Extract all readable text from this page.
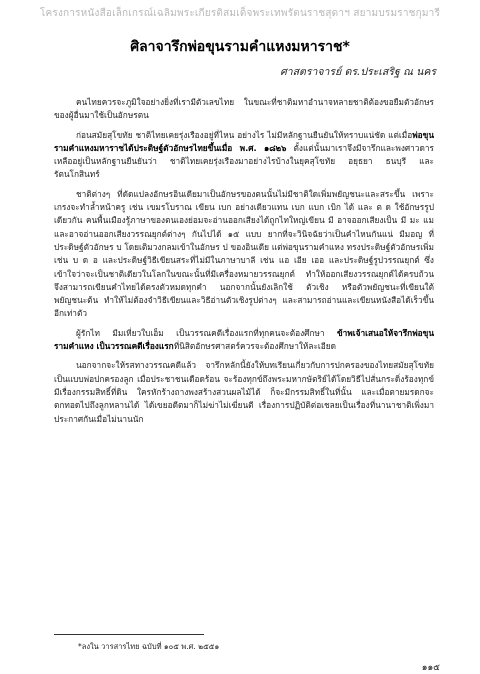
โครงการหนังสือเล็กเกรณ์เฉลิมพระเกียรติสมเด็จพระเทพรัตนราชสุดาฯ สยามบรมราชกุมารี
ศิลาจารึกพ่อขุนรามคำแหงมหาราช*
ศาสตราจารย์ ดร.ประเสริฐ ณ นคร

คนไทยควรจะภูมิใจอย่างยิ่งที่เรามีตัวเลขไทย ในขณะที่ชาติมหาอำนาจหลายชาติต้องขอยืมตัวอักษรของผู้อื่นมาใช้เป็นอักษรตน

ก่อนสมัยสุโขทัย ชาติไทยเคยรุ่งเรืองอยู่ที่ไหน อย่างไร ไม่มีหลักฐานยืนยันให้ทราบแน่ชัด แต่เมื่อพ่อขุนรามคำแหงมหาราชได้ประดิษฐ์ตัวอักษรไทยขึ้นเมื่อ พ.ศ. ๑๘๒๖ ตั้งแต่นั้นมาเราจึงมีจารึกและพงศาวดารเหลืออยู่เป็นหลักฐานยืนยันว่า ชาติไทยเคยรุ่งเรืองมาอย่างไรบ้างในยุคสุโขทัย อยุธยา ธนบุรี และรัตนโกสินทร์

ชาติต่างๆ ที่ดัดแปลงอักษรอินเดียมาเป็นอักษรของตนนั้นไม่มีชาติใดเพิ่มพยัญชนะและสระขึ้น เพราะเกรงจะทำล้ำหน้าครู เช่น เขมรโบราณ เขียน เบก อย่างเดียวแทน เบก แบก เบิก ได้ และ ต ด ใช้อักษรรูปเดียวกัน คนพื้นเมืองรู้ภาษาของตนเองย่อมจะอ่านออกเสียงได้ถูกไทใหญ่เขียน มี อาจออกเสียงเป็น มี มะ แม และอาจอ่านออกเสียงวรรณยุกต์ต่างๆ กันไปได้ ๑๕ แบบ ยากที่จะวินิจฉัยว่าเป็นคำไหนกันแน่ มีมอญ ที่ประดิษฐ์ตัวอักษร บ โดยเติมวงกลมเข้าในอักษร ป ของอินเดีย แต่พ่อขุนรามคำแหง ทรงประดิษฐ์ตัวอักษรเพิ่ม เช่น บ ด อ และประดิษฐ์วิธีเขียนสระที่ไม่มีในภาษาบาลี เช่น แอ เอีย เออ และประดิษฐ์รูปวรรณยุกต์ ซึ่งเข้าใจว่าจะเป็นชาติเดียวในโลกในขณะนั้นที่มีเครื่องหมายวรรณยุกต์ ทำให้ออกเสียงวรรณยุกต์ได้ครบถ้วน จึงสามารถเขียนคำไทยได้ตรงตัวหมดทุกคำ นอกจากนั้นยังเลิกใช้ ตัวเชิง หรือตัวพยัญชนะที่เขียนใต้พยัญชนะต้น ทำให้ไม่ต้องจำวิธีเขียนและวิธีอ่านตัวเชิงรูปต่างๆ และสามารถอ่านและเขียนหนังสือได้เร็วขึ้นอีกเท่าตัว

ผู้รักไท มีมเหี่ยวใบเอ็ม เป็นวรรณคดีเรื่องแรกที่ทุกคนจะต้องศึกษา ข้าพเจ้าเสนอให้จารึกพ่อขุนรามคำแหง เป็นวรรณคดีเรื่องแรกที่นิสิตอักษรศาสตร์ควรจะต้องศึกษาให้ละเอียด

นอกจากจะให้รสทางวรรณคดีแล้ว จารึกหลักนี้ยังให้บทเรียนเกี่ยวกับการปกครองของไทยสมัยสุโขทัยเป็นแบบพ่อปกครองลูก เมื่อประชาชนเดือดร้อน จะร้องทุกข์ถึงพระมหากษัตริย์ได้โดยวิธีไปสั่นกระดิ่งร้องทุกข์ มีเรื่องกรรมสิทธิ์ที่ดิน ใครหักร้างถางพงสร้างสวนผลไม้ได้ ก็จะมีกรรมสิทธิ์ในที่นั้น และเมื่อตายมรดกจะตกทอดไปถึงลูกหลานได้ ได้เขยอดีตมาก็ไม่ฆ่าไม่เฆี่ยนตี เรื่องการปฏิบัติต่อเชลยเป็นเรื่องที่นานาชาติเพิ่งมาประกาศกันเมื่อไม่นานนัก

*ลงใน วารสารไทย ฉบับที่ ๑๐๕ พ.ศ. ๒๕๕๑
๑๑๕
